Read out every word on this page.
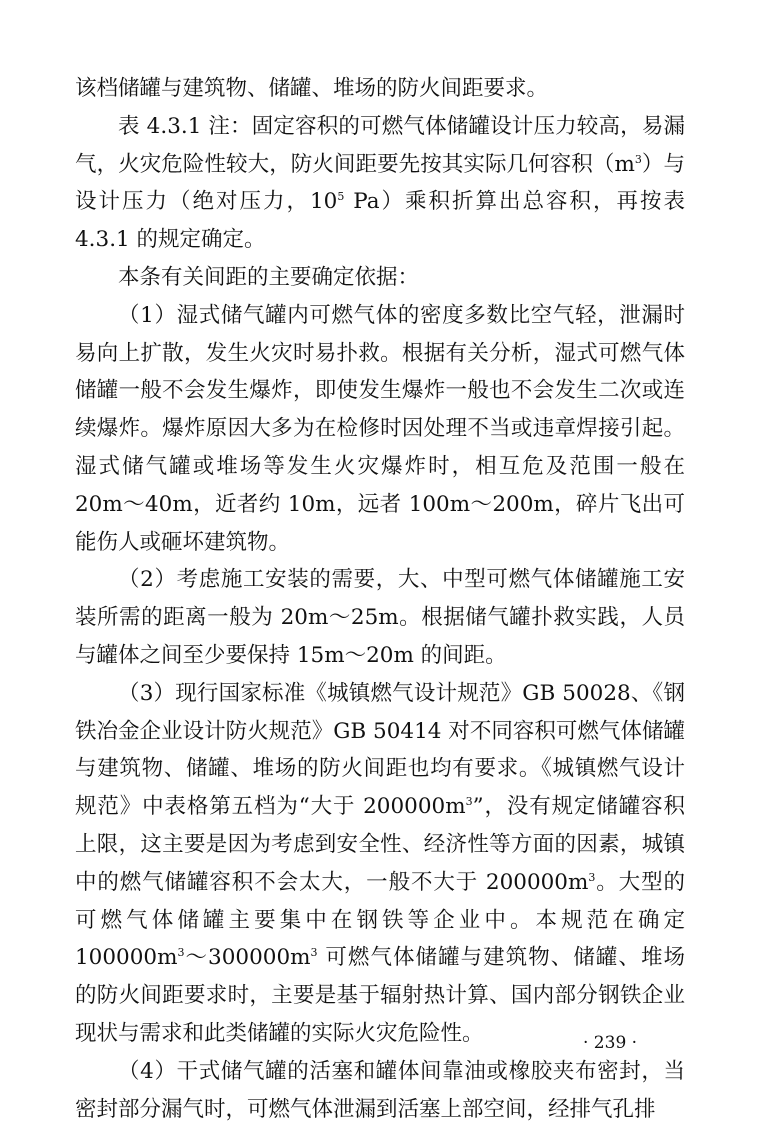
该档储罐与建筑物、储罐、堆场的防火间距要求。

表 4.3.1 注：固定容积的可燃气体储罐设计压力较高，易漏气，火灾危险性较大，防火间距要先按其实际几何容积$(m^3)$与设计压力（绝对压力，$10^5$ Pa）乘积折算出总容积，再按表 4.3.1 的规定确定。

本条有关间距的主要确定依据：

（1）湿式储气罐内可燃气体的密度多数比空气轻，泄漏时易向上扩散，发生火灾时易扑救。根据有关分析，湿式可燃气体储罐一般不会发生爆炸，即使发生爆炸一般也不会发生二次或连续爆炸。爆炸原因大多为在检修时因处理不当或违章焊接引起。湿式储气罐或堆场等发生火灾爆炸时，相互危及范围一般在 20m～40m，近者约 10m，远者 100m～200m，碎片飞出可能伤人或砸坏建筑物。

（2）考虑施工安装的需要，大、中型可燃气体储罐施工安装所需的距离一般为 20m～25m。根据储气罐扑救实践，人员与罐体之间至少要保持 15m～20m 的间距。

（3）现行国家标准《城镇燃气设计规范》GB 50028、《钢铁冶金企业设计防火规范》GB 50414 对不同容积可燃气体储罐与建筑物、储罐、堆场的防火间距也均有要求。《城镇燃气设计规范》中表格第五档为“大于 $200000m^3$”，没有规定储罐容积上限，这主要是因为考虑到安全性、经济性等方面的因素，城镇中的燃气储罐容积不会太大，一般不大于 $200000m^3$。大型的可燃气体储罐主要集中在钢铁等企业中。本规范在确定 $100000m^3\sim 300000m^3$ 可燃气体储罐与建筑物、储罐、堆场的防火间距要求时，主要是基于辐射热计算、国内部分钢铁企业现状与需求和此类储罐的实际火灾危险性。

（4）干式储气罐的活塞和罐体间靠油或橡胶夹布密封，当密封部分漏气时，可燃气体泄漏到活塞上部空间，经排气孔排

· 239 ·
